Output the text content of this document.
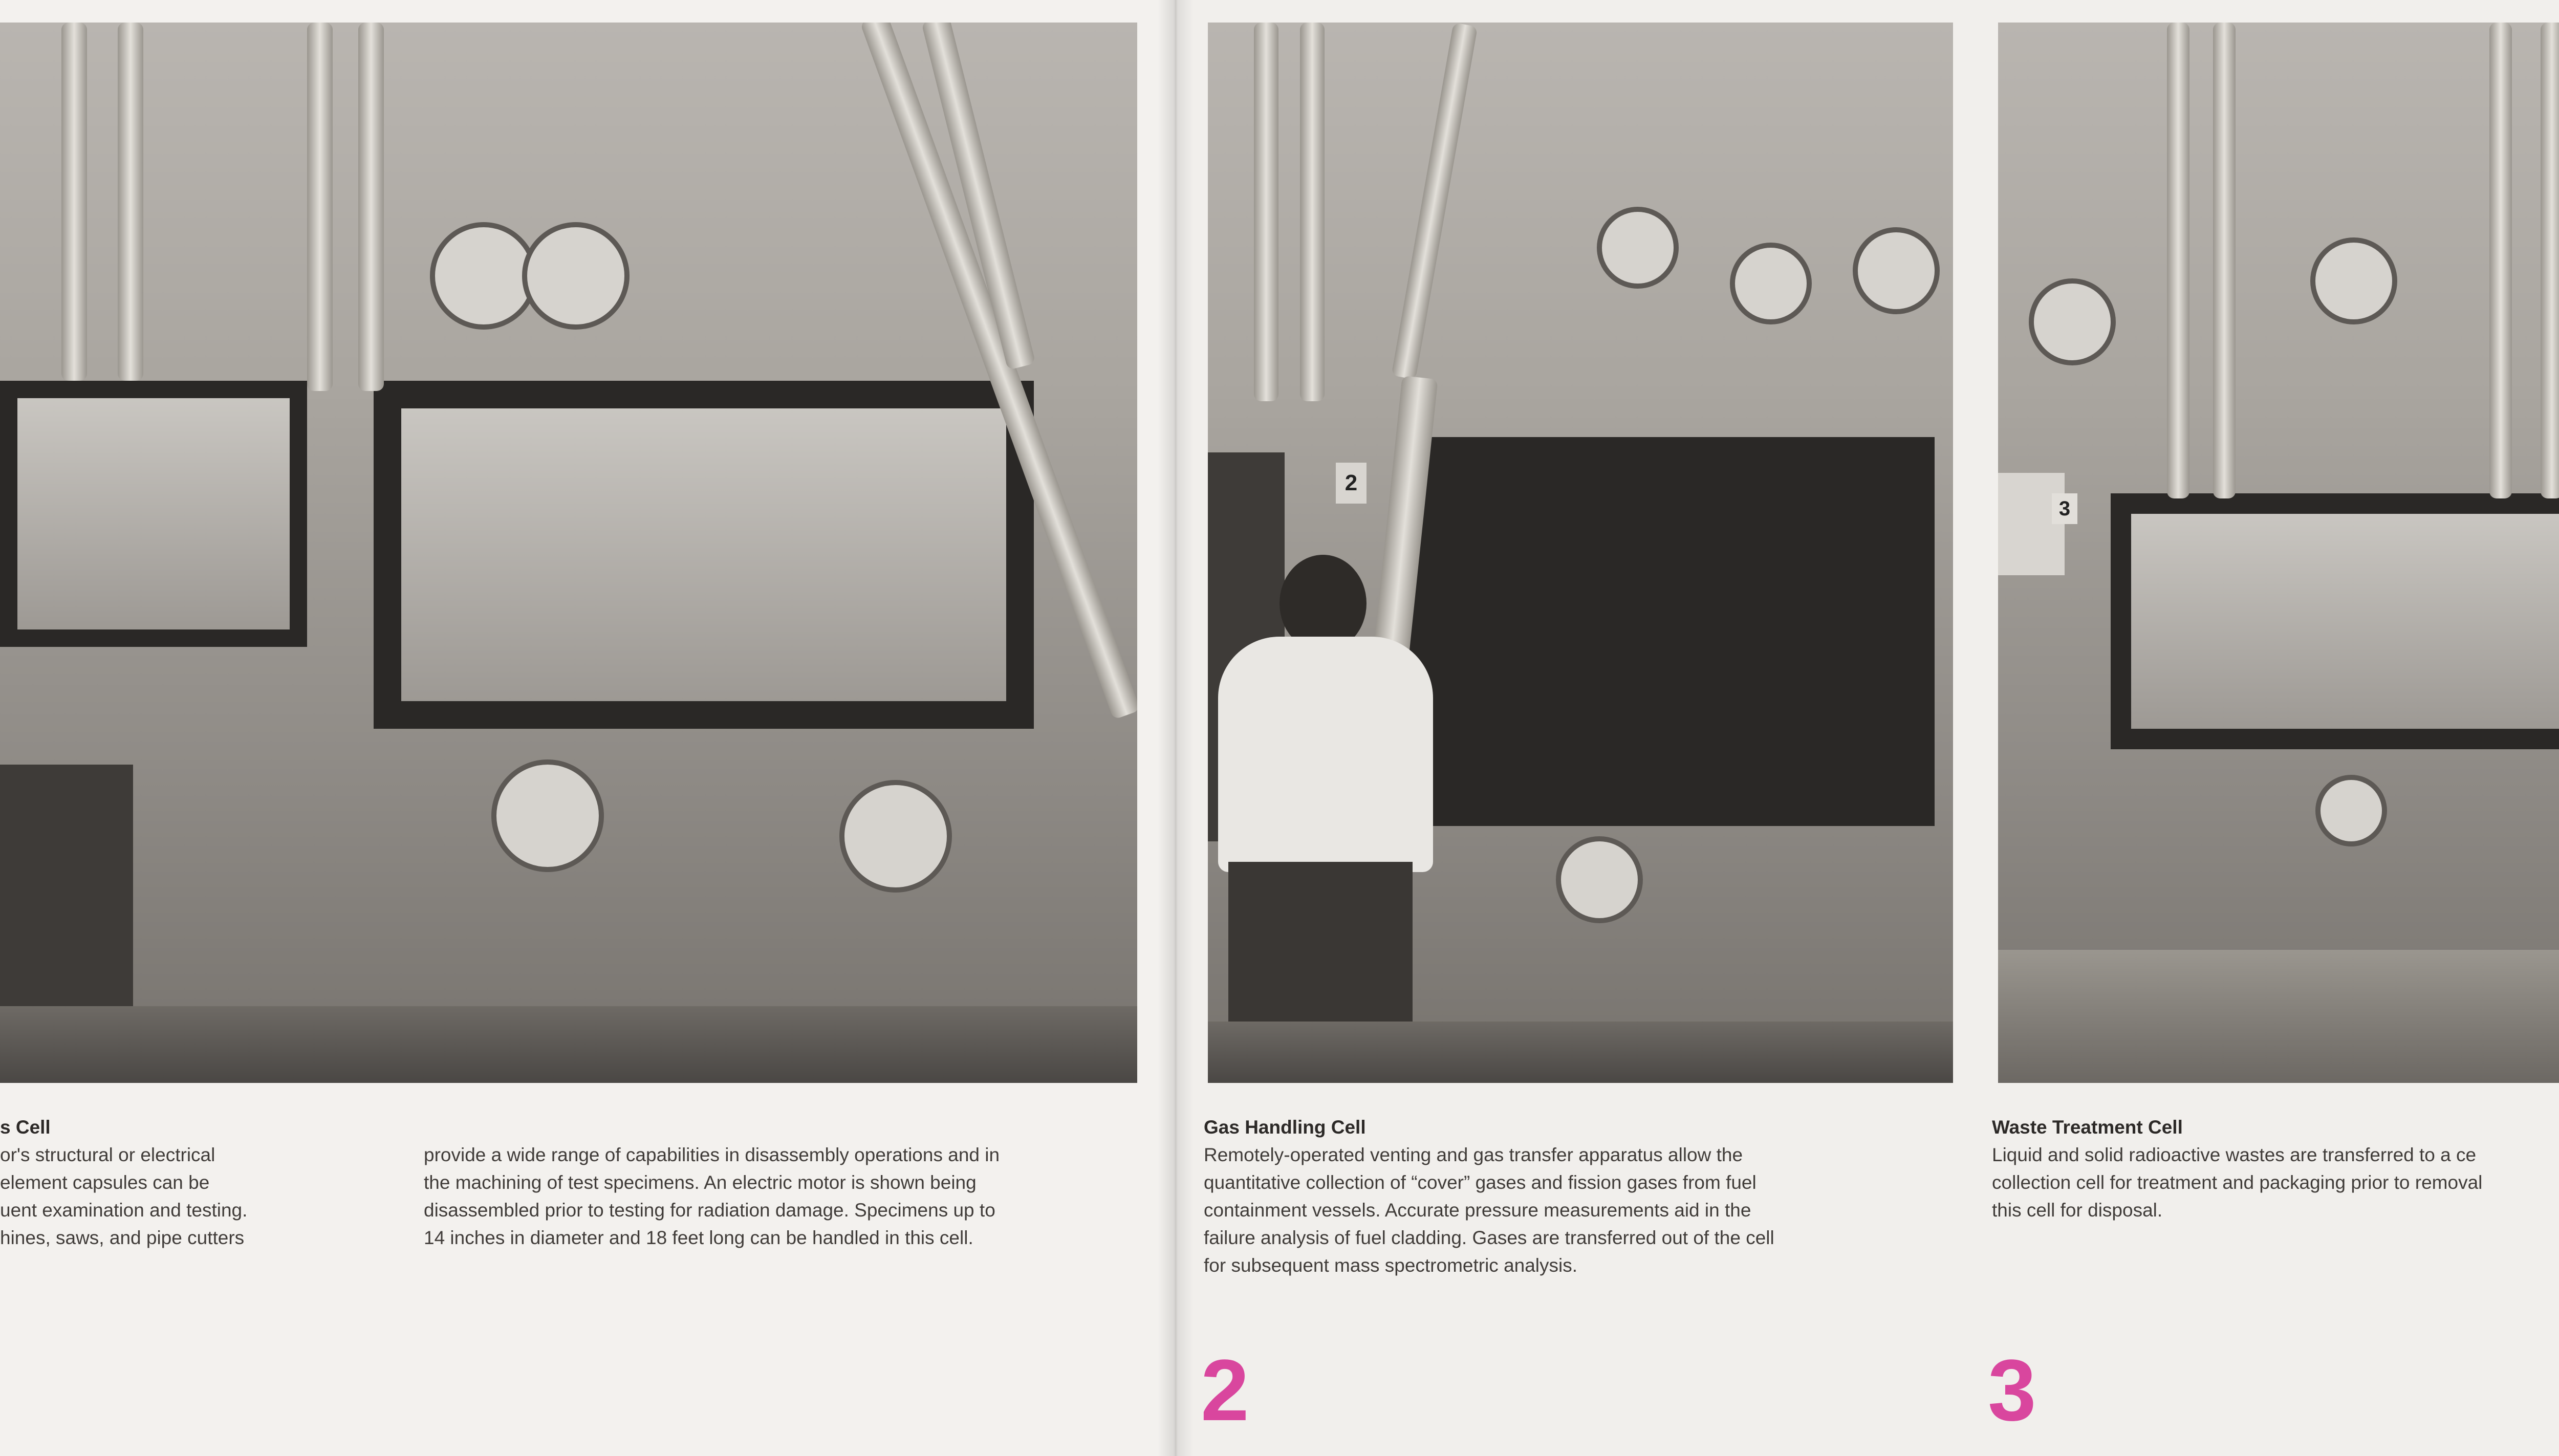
2
3
s Cell
or's structural or electrical
element capsules can be
uent examination and testing.
hines, saws, and pipe cutters
provide a wide range of capabilities in disassembly operations and in
the machining of test specimens. An electric motor is shown being
disassembled prior to testing for radiation damage. Specimens up to
14 inches in diameter and 18 feet long can be handled in this cell.
Gas Handling Cell
Remotely-operated venting and gas transfer apparatus allow the
quantitative collection of “cover” gases and fission gases from fuel
containment vessels. Accurate pressure measurements aid in the
failure analysis of fuel cladding. Gases are transferred out of the cell
for subsequent mass spectrometric analysis.
2
Waste Treatment Cell
Liquid and solid radioactive wastes are transferred to a ce
collection cell for treatment and packaging prior to removal
this cell for disposal.
3
